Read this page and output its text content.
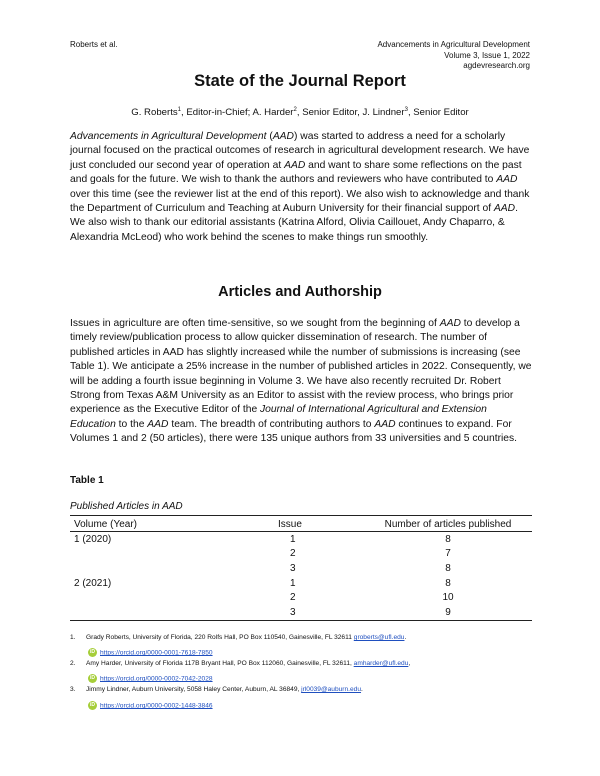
Roberts et al.	Advancements in Agricultural Development
Volume 3, Issue 1, 2022
agdevresearch.org
State of the Journal Report
G. Roberts$^1$, Editor-in-Chief; A. Harder$^2$, Senior Editor, J. Lindner$^3$, Senior Editor
Advancements in Agricultural Development (AAD) was started to address a need for a scholarly journal focused on the practical outcomes of research in agricultural development research. We have just concluded our second year of operation at AAD and want to share some reflections on the past and goals for the future. We wish to thank the authors and reviewers who have contributed to AAD over this time (see the reviewer list at the end of this report). We also wish to acknowledge and thank the Department of Curriculum and Teaching at Auburn University for their financial support of AAD. We also wish to thank our editorial assistants (Katrina Alford, Olivia Caillouet, Andy Chaparro, & Alexandria McLeod) who work behind the scenes to make things run smoothly.
Articles and Authorship
Issues in agriculture are often time-sensitive, so we sought from the beginning of AAD to develop a timely review/publication process to allow quicker dissemination of research. The number of published articles in AAD has slightly increased while the number of submissions is increasing (see Table 1). We anticipate a 25% increase in the number of published articles in 2022. Consequently, we will be adding a fourth issue beginning in Volume 3. We have also recently recruited Dr. Robert Strong from Texas A&M University as an Editor to assist with the review process, who brings prior experience as the Executive Editor of the Journal of International Agricultural and Extension Education to the AAD team. The breadth of contributing authors to AAD continues to expand. For Volumes 1 and 2 (50 articles), there were 135 unique authors from 33 universities and 5 countries.
Table 1
Published Articles in AAD
Volume (Year)	Issue	Number of articles published
1 (2020)	1	8
	2	7
	3	8
2 (2021)	1	8
	2	10
	3	9
1. Grady Roberts, University of Florida, 220 Rolfs Hall, PO Box 110540, Gainesville, FL 32611 groberts@ufl.edu.
iD https://orcid.org/0000-0001-7618-7850
2. Amy Harder, University of Florida 117B Bryant Hall, PO Box 112060, Gainesville, FL 32611, amharder@ufl.edu,
iD https://orcid.org/0000-0002-7042-2028
3. Jimmy Lindner, Auburn University, 5058 Haley Center, Auburn, AL 36849, jrl0039@auburn.edu.
iD https://orcid.org/0000-0002-1448-3846
